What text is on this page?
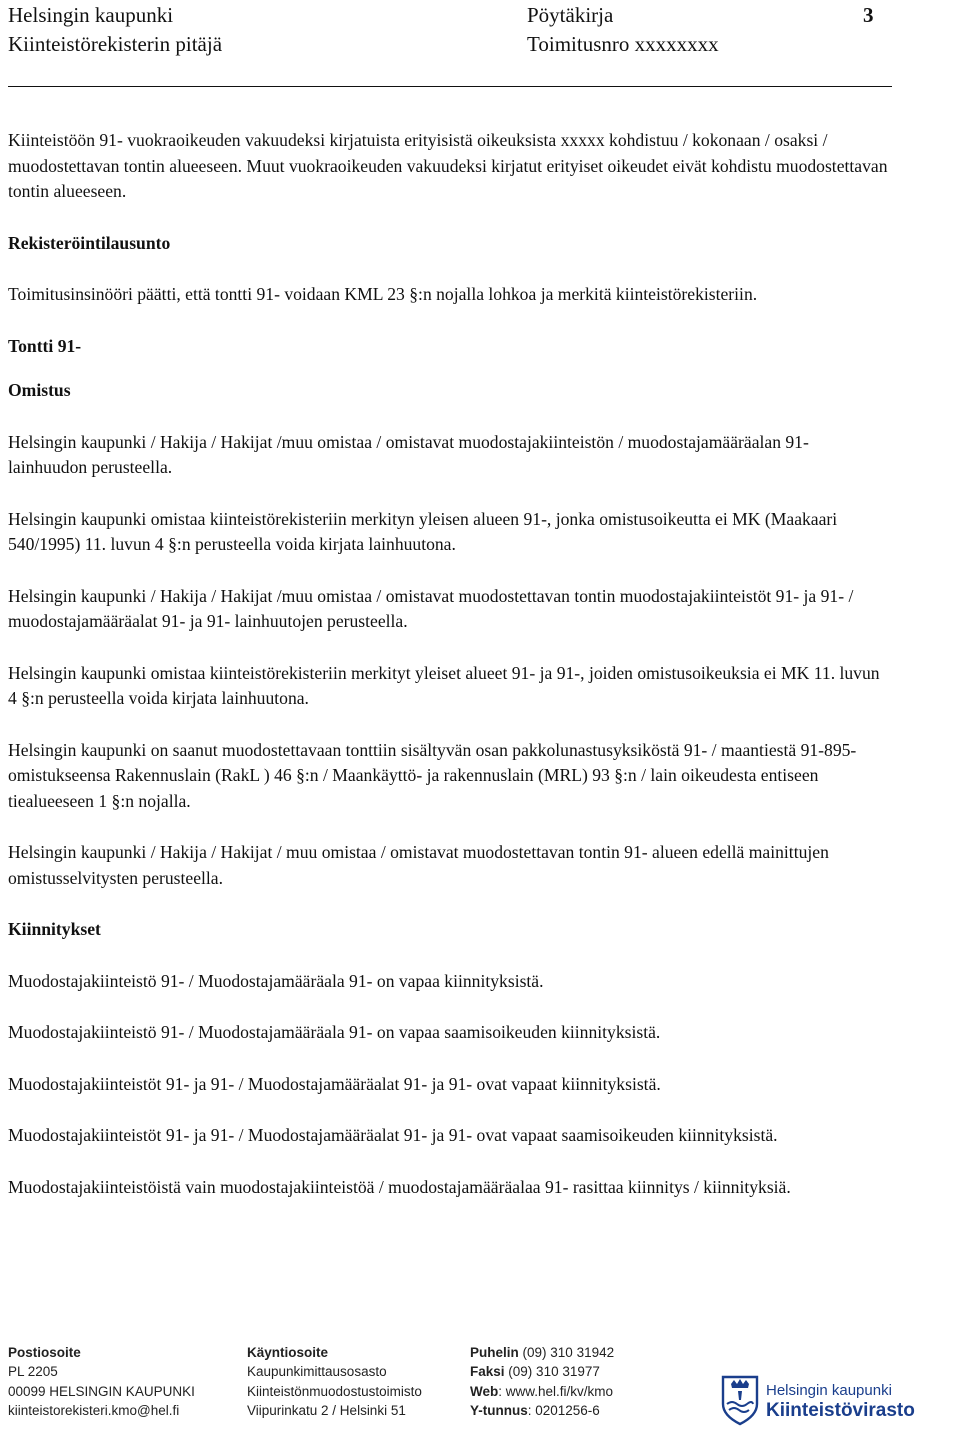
Helsingin kaupunki	Pöytäkirja	3
Kiinteistörekisterin pitäjä	Toimitusnro xxxxxxxx

Kiinteistöön 91- vuokraoikeuden vakuudeksi kirjatuista erityisistä oikeuksista xxxxx kohdistuu / kokonaan / osaksi / muodostettavan tontin alueeseen. Muut vuokraoikeuden vakuudeksi kirjatut erityiset oikeudet eivät kohdistu muodostettavan tontin alueeseen.

Rekisteröintilausunto

Toimitusinsinööri päätti, että tontti 91- voidaan KML 23 §:n nojalla lohkoa ja merkitä kiinteistörekisteriin.

Tontti 91-

Omistus

Helsingin kaupunki / Hakija / Hakijat /muu omistaa / omistavat muodostajakiinteistön / muodostajamääräalan 91- lainhuudon perusteella.

Helsingin kaupunki omistaa kiinteistörekisteriin merkityn yleisen alueen 91-, jonka omistusoikeutta ei MK (Maakaari 540/1995) 11. luvun 4 §:n perusteella voida kirjata lainhuutona.

Helsingin kaupunki / Hakija / Hakijat /muu omistaa / omistavat muodostettavan tontin muodostajakiinteistöt 91- ja 91- / muodostajamääräalat 91- ja 91- lainhuutojen perusteella.

Helsingin kaupunki omistaa kiinteistörekisteriin merkityt yleiset alueet 91- ja 91-, joiden omistusoikeuksia ei MK 11. luvun 4 §:n perusteella voida kirjata lainhuutona.

Helsingin kaupunki on saanut muodostettavaan tonttiin sisältyvän osan pakkolunastusyksiköstä 91- / maantiestä 91-895- omistukseensa Rakennuslain (RakL ) 46 §:n / Maankäyttö- ja rakennuslain (MRL) 93 §:n / lain oikeudesta entiseen tiealueeseen 1 §:n nojalla.

Helsingin kaupunki / Hakija / Hakijat / muu omistaa / omistavat muodostettavan tontin 91- alueen edellä mainittujen omistusselvitysten perusteella.

Kiinnitykset

Muodostajakiinteistö 91- / Muodostajamääräala 91- on vapaa kiinnityksistä.

Muodostajakiinteistö 91- / Muodostajamääräala 91- on vapaa saamisoikeuden kiinnityksistä.

Muodostajakiinteistöt 91- ja 91- / Muodostajamääräalat 91- ja 91- ovat vapaat kiinnityksistä.

Muodostajakiinteistöt 91- ja 91- / Muodostajamääräalat 91- ja 91- ovat vapaat saamisoikeuden kiinnityksistä.

Muodostajakiinteistöistä vain muodostajakiinteistöä / muodostajamääräalaa 91- rasittaa kiinnitys / kiinnityksiä.

Postiosoite
PL 2205
00099 HELSINGIN KAUPUNKI
kiinteistorekisteri.kmo@hel.fi
Käyntiosoite
Kaupunkimittausosasto
Kiinteistönmuodostustoimisto
Viipurinkatu 2 / Helsinki 51
Puhelin (09) 310 31942
Faksi (09) 310 31977
Web: www.hel.fi/kv/kmo
Y-tunnus: 0201256-6
Helsingin kaupunki
Kiinteistövirasto
